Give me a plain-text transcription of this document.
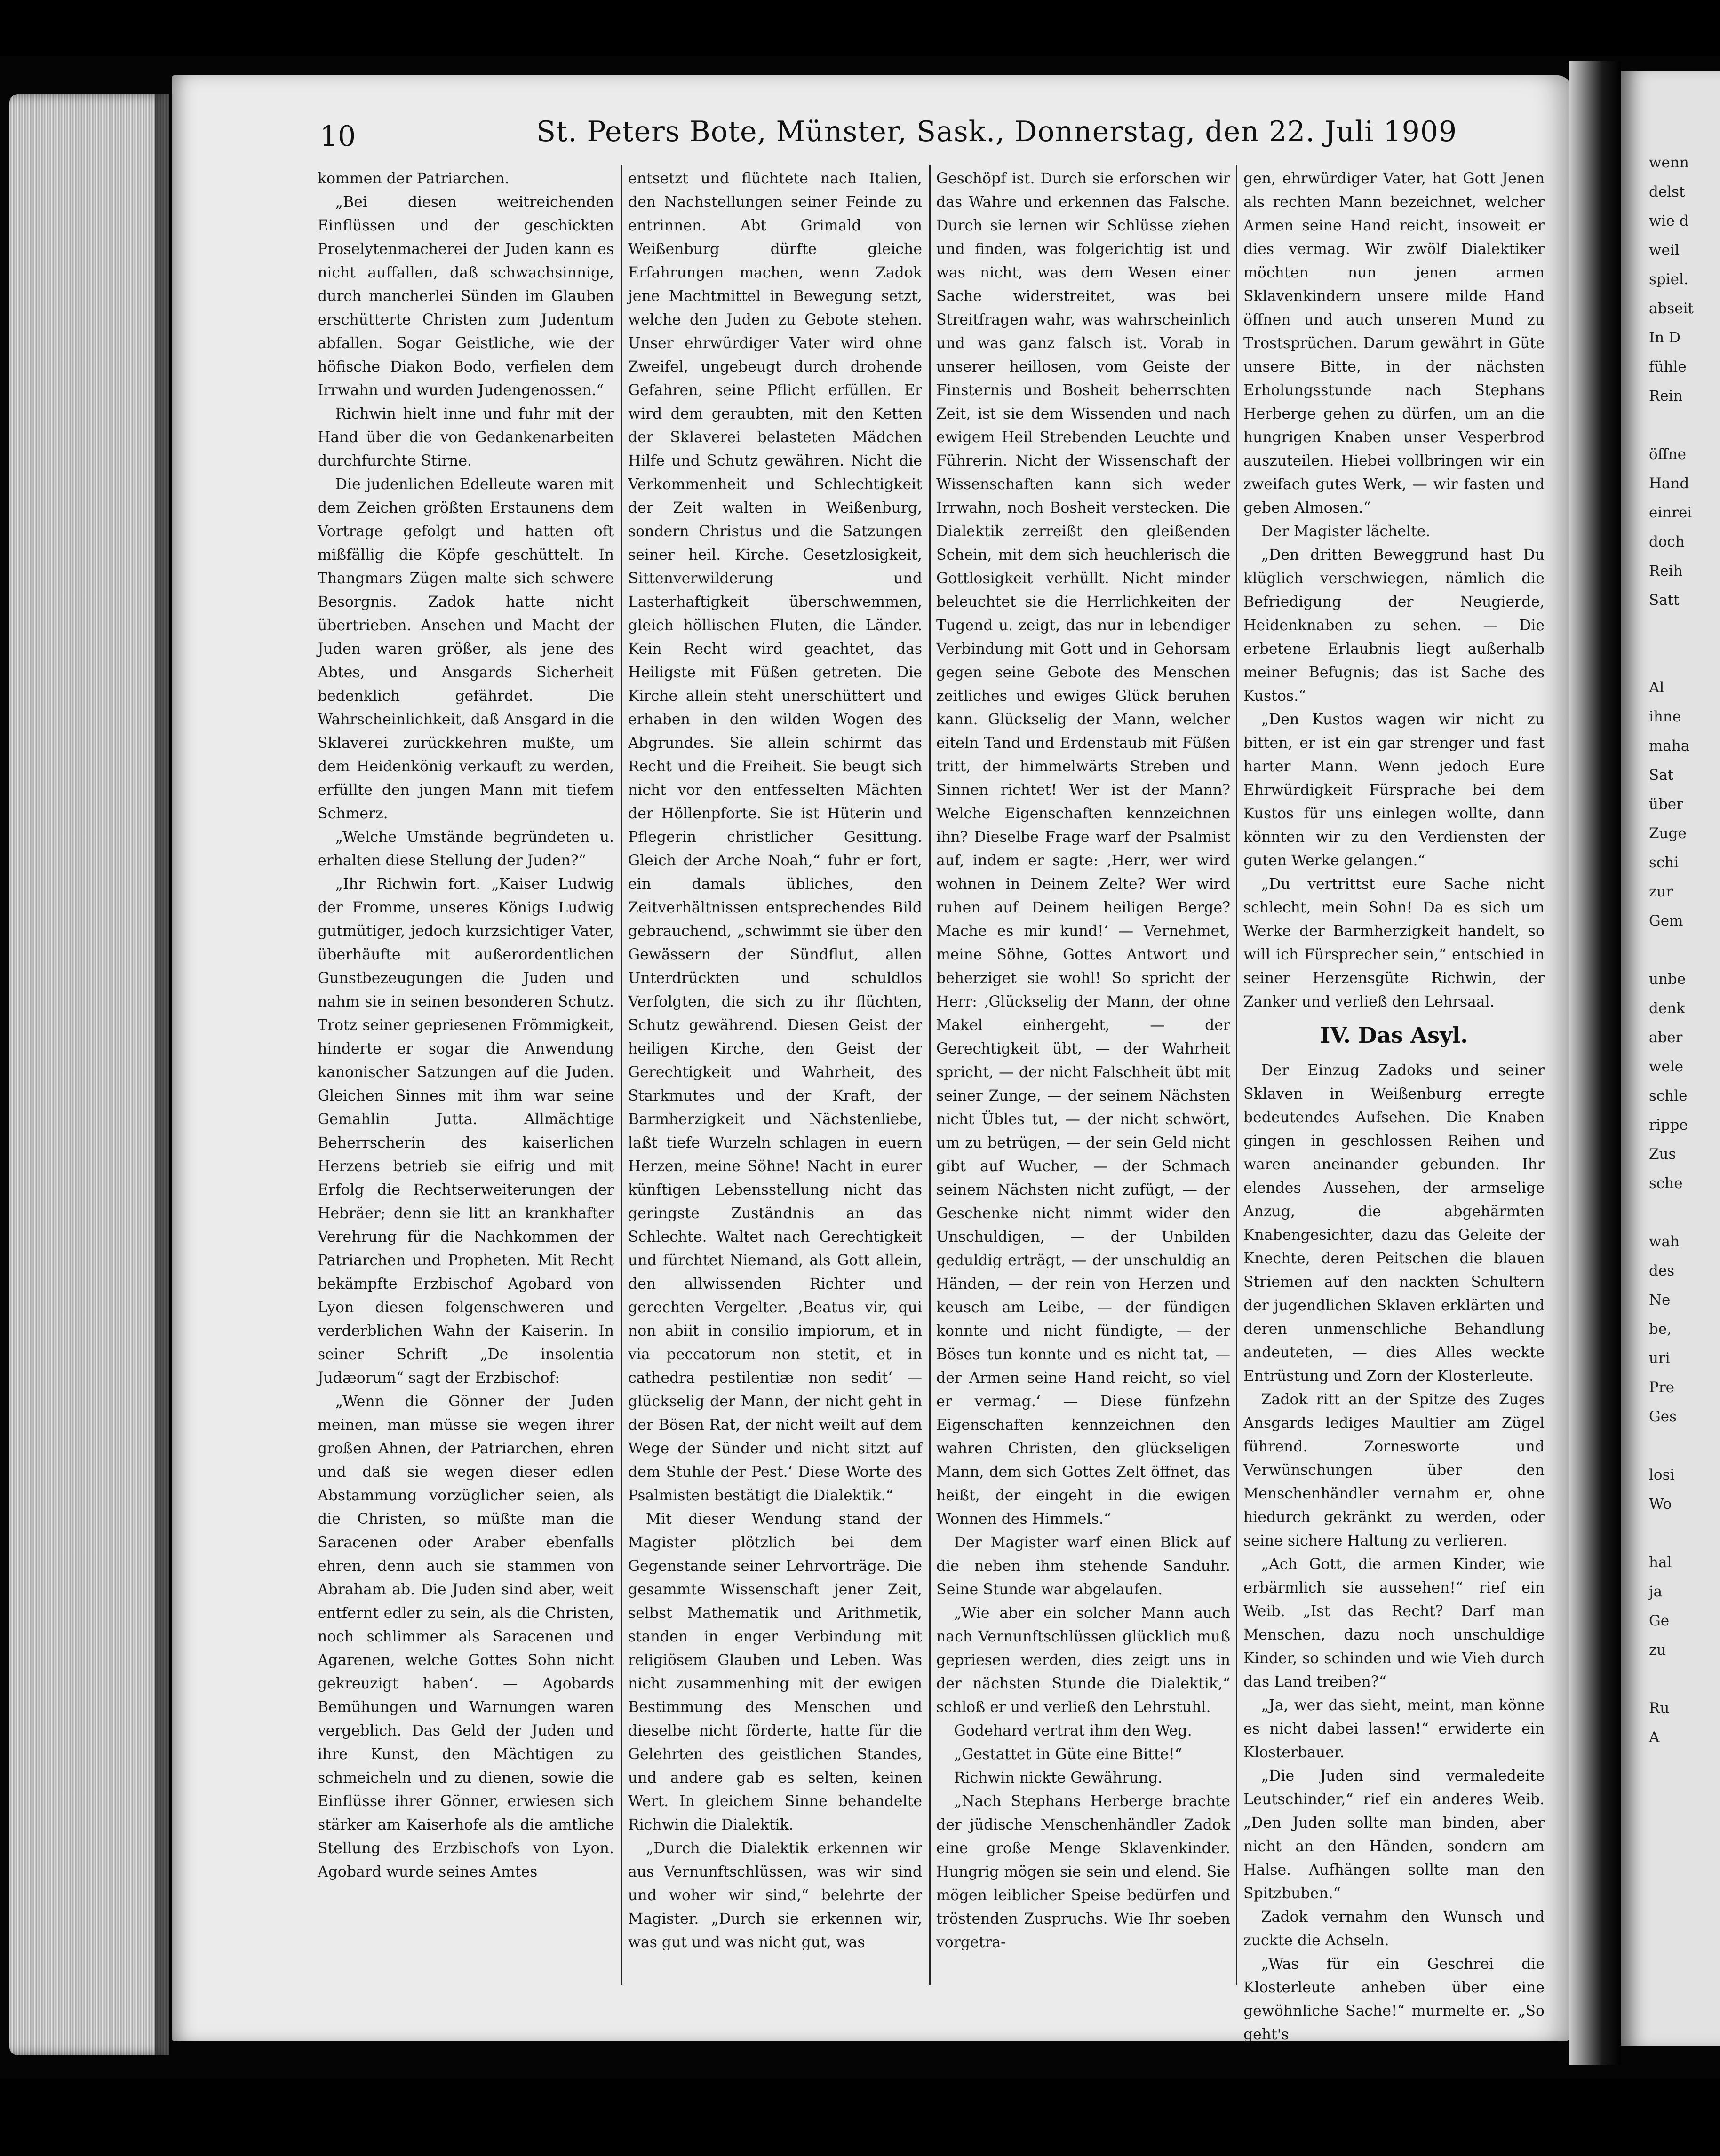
10	St. Peters Bote, Münster, Sask., Donnerstag, den 22. Juli 1909

kommen der Patriarchen.

„Bei diesen weitreichenden Einflüssen und der geschickten Proselytenmacherei der Juden kann es nicht auffallen, daß schwachsinnige, durch mancherlei Sünden im Glauben erschütterte Christen zum Judentum abfallen. Sogar Geistliche, wie der höfische Diakon Bodo, verfielen dem Irrwahn und wurden Judengenossen.“

Richwin hielt inne und fuhr mit der Hand über die von Gedankenarbeiten durchfurchte Stirne.

Die judenlichen Edelleute waren mit dem Zeichen größten Erstaunens dem Vortrage gefolgt und hatten oft mißfällig die Köpfe geschüttelt. In Thangmars Zügen malte sich schwere Besorgnis. Zadok hatte nicht übertrieben. Ansehen und Macht der Juden waren größer, als jene des Abtes, und Ansgards Sicherheit bedenklich gefährdet. Die Wahrscheinlichkeit, daß Ansgard in die Sklaverei zurückkehren mußte, um dem Heidenkönig verkauft zu werden, erfüllte den jungen Mann mit tiefem Schmerz.

„Welche Umstände begründeten u. erhalten diese Stellung der Juden?“

„Ihr Richwin fort. „Kaiser Ludwig der Fromme, unseres Königs Ludwig gutmütiger, jedoch kurzsichtiger Vater, überhäufte mit außerordentlichen Gunstbezeugungen die Juden und nahm sie in seinen besonderen Schutz. Trotz seiner gepriesenen Frömmigkeit, hinderte er sogar die Anwendung kanonischer Satzungen auf die Juden. Gleichen Sinnes mit ihm war seine Gemahlin Jutta. Allmächtige Beherrscherin des kaiserlichen Herzens betrieb sie eifrig und mit Erfolg die Rechtserweiterungen der Hebräer; denn sie litt an krankhafter Verehrung für die Nachkommen der Patriarchen und Propheten. Mit Recht bekämpfte Erzbischof Agobard von Lyon diesen folgenschweren und verderblichen Wahn der Kaiserin. In seiner Schrift „De insolentia Judæorum“ sagt der Erzbischof:

„Wenn die Gönner der Juden meinen, man müsse sie wegen ihrer großen Ahnen, der Patriarchen, ehren und daß sie wegen dieser edlen Abstammung vorzüglicher seien, als die Christen, so müßte man die Saracenen oder Araber ebenfalls ehren, denn auch sie stammen von Abraham ab. Die Juden sind aber, weit entfernt edler zu sein, als die Christen, noch schlimmer als Saracenen und Agarenen, welche Gottes Sohn nicht gekreuzigt haben‘. — Agobards Bemühungen und Warnungen waren vergeblich. Das Geld der Juden und ihre Kunst, den Mächtigen zu schmeicheln und zu dienen, sowie die Einflüsse ihrer Gönner, erwiesen sich stärker am Kaiserhofe als die amtliche Stellung des Erzbischofs von Lyon. Agobard wurde seines Amtes

entsetzt und flüchtete nach Italien, den Nachstellungen seiner Feinde zu entrinnen. Abt Grimald von Weißenburg dürfte gleiche Erfahrungen machen, wenn Zadok jene Machtmittel in Bewegung setzt, welche den Juden zu Gebote stehen. Unser ehrwürdiger Vater wird ohne Zweifel, ungebeugt durch drohende Gefahren, seine Pflicht erfüllen. Er wird dem geraubten, mit den Ketten der Sklaverei belasteten Mädchen Hilfe und Schutz gewähren. Nicht die Verkommenheit und Schlechtigkeit der Zeit walten in Weißenburg, sondern Christus und die Satzungen seiner heil. Kirche. Gesetzlosigkeit, Sittenverwilderung und Lasterhaftigkeit überschwemmen, gleich höllischen Fluten, die Länder. Kein Recht wird geachtet, das Heiligste mit Füßen getreten. Die Kirche allein steht unerschüttert und erhaben in den wilden Wogen des Abgrundes. Sie allein schirmt das Recht und die Freiheit. Sie beugt sich nicht vor den entfesselten Mächten der Höllenpforte. Sie ist Hüterin und Pflegerin christlicher Gesittung. Gleich der Arche Noah,“ fuhr er fort, ein damals übliches, den Zeitverhältnissen entsprechendes Bild gebrauchend, „schwimmt sie über den Gewässern der Sündflut, allen Unterdrückten und schuldlos Verfolgten, die sich zu ihr flüchten, Schutz gewährend. Diesen Geist der heiligen Kirche, den Geist der Gerechtigkeit und Wahrheit, des Starkmutes und der Kraft, der Barmherzigkeit und Nächstenliebe, laßt tiefe Wurzeln schlagen in euern Herzen, meine Söhne! Nacht in eurer künftigen Lebensstellung nicht das geringste Zuständnis an das Schlechte. Waltet nach Gerechtigkeit und fürchtet Niemand, als Gott allein, den allwissenden Richter und gerechten Vergelter. ‚Beatus vir, qui non abiit in consilio impiorum, et in via peccatorum non stetit, et in cathedra pestilentiæ non sedit‘ — glückselig der Mann, der nicht geht in der Bösen Rat, der nicht weilt auf dem Wege der Sünder und nicht sitzt auf dem Stuhle der Pest.‘ Diese Worte des Psalmisten bestätigt die Dialektik.“

Mit dieser Wendung stand der Magister plötzlich bei dem Gegenstande seiner Lehrvorträge. Die gesammte Wissenschaft jener Zeit, selbst Mathematik und Arithmetik, standen in enger Verbindung mit religiösem Glauben und Leben. Was nicht zusammenhing mit der ewigen Bestimmung des Menschen und dieselbe nicht förderte, hatte für die Gelehrten des geistlichen Standes, und andere gab es selten, keinen Wert. In gleichem Sinne behandelte Richwin die Dialektik.

„Durch die Dialektik erkennen wir aus Vernunftschlüssen, was wir sind und woher wir sind,“ belehrte der Magister. „Durch sie erkennen wir, was gut und was nicht gut, was

Geschöpf ist. Durch sie erforschen wir das Wahre und erkennen das Falsche. Durch sie lernen wir Schlüsse ziehen und finden, was folgerichtig ist und was nicht, was dem Wesen einer Sache widerstreitet, was bei Streitfragen wahr, was wahrscheinlich und was ganz falsch ist. Vorab in unserer heillosen, vom Geiste der Finsternis und Bosheit beherrschten Zeit, ist sie dem Wissenden und nach ewigem Heil Strebenden Leuchte und Führerin. Nicht der Wissenschaft der Wissenschaften kann sich weder Irrwahn, noch Bosheit verstecken. Die Dialektik zerreißt den gleißenden Schein, mit dem sich heuchlerisch die Gottlosigkeit verhüllt. Nicht minder beleuchtet sie die Herrlichkeiten der Tugend u. zeigt, das nur in lebendiger Verbindung mit Gott und in Gehorsam gegen seine Gebote des Menschen zeitliches und ewiges Glück beruhen kann. Glückselig der Mann, welcher eiteln Tand und Erdenstaub mit Füßen tritt, der himmelwärts Streben und Sinnen richtet! Wer ist der Mann? Welche Eigenschaften kennzeichnen ihn? Dieselbe Frage warf der Psalmist auf, indem er sagte: ‚Herr, wer wird wohnen in Deinem Zelte? Wer wird ruhen auf Deinem heiligen Berge? Mache es mir kund!‘ — Vernehmet, meine Söhne, Gottes Antwort und beherziget sie wohl! So spricht der Herr: ‚Glückselig der Mann, der ohne Makel einhergeht, — der Gerechtigkeit übt, — der Wahrheit spricht, — der nicht Falschheit übt mit seiner Zunge, — der seinem Nächsten nicht Übles tut, — der nicht schwört, um zu betrügen, — der sein Geld nicht gibt auf Wucher, — der Schmach seinem Nächsten nicht zufügt, — der Geschenke nicht nimmt wider den Unschuldigen, — der Unbilden geduldig erträgt, — der unschuldig an Händen, — der rein von Herzen und keusch am Leibe, — der fündigen konnte und nicht fündigte, — der Böses tun konnte und es nicht tat, — der Armen seine Hand reicht, so viel er vermag.‘ — Diese fünfzehn Eigenschaften kennzeichnen den wahren Christen, den glückseligen Mann, dem sich Gottes Zelt öffnet, das heißt, der eingeht in die ewigen Wonnen des Himmels.“

Der Magister warf einen Blick auf die neben ihm stehende Sanduhr. Seine Stunde war abgelaufen.

„Wie aber ein solcher Mann auch nach Vernunftschlüssen glücklich muß gepriesen werden, dies zeigt uns in der nächsten Stunde die Dialektik,“ schloß er und verließ den Lehrstuhl.

Godehard vertrat ihm den Weg.

„Gestattet in Güte eine Bitte!“

Richwin nickte Gewährung.

„Nach Stephans Herberge brachte der jüdische Menschenhändler Zadok eine große Menge Sklavenkinder. Hungrig mögen sie sein und elend. Sie mögen leiblicher Speise bedürfen und tröstenden Zuspruchs. Wie Ihr soeben vorgetra-

gen, ehrwürdiger Vater, hat Gott Jenen als rechten Mann bezeichnet, welcher Armen seine Hand reicht, insoweit er dies vermag. Wir zwölf Dialektiker möchten nun jenen armen Sklavenkindern unsere milde Hand öffnen und auch unseren Mund zu Trostsprüchen. Darum gewährt in Güte unsere Bitte, in der nächsten Erholungsstunde nach Stephans Herberge gehen zu dürfen, um an die hungrigen Knaben unser Vesperbrod auszuteilen. Hiebei vollbringen wir ein zweifach gutes Werk, — wir fasten und geben Almosen.“

Der Magister lächelte.

„Den dritten Beweggrund hast Du klüglich verschwiegen, nämlich die Befriedigung der Neugierde, Heidenknaben zu sehen. — Die erbetene Erlaubnis liegt außerhalb meiner Befugnis; das ist Sache des Kustos.“

„Den Kustos wagen wir nicht zu bitten, er ist ein gar strenger und fast harter Mann. Wenn jedoch Eure Ehrwürdigkeit Fürsprache bei dem Kustos für uns einlegen wollte, dann könnten wir zu den Verdiensten der guten Werke gelangen.“

„Du vertrittst eure Sache nicht schlecht, mein Sohn! Da es sich um Werke der Barmherzigkeit handelt, so will ich Fürsprecher sein,“ entschied in seiner Herzensgüte Richwin, der Zanker und verließ den Lehrsaal.

IV. Das Asyl.

Der Einzug Zadoks und seiner Sklaven in Weißenburg erregte bedeutendes Aufsehen. Die Knaben gingen in geschlossen Reihen und waren aneinander gebunden. Ihr elendes Aussehen, der armselige Anzug, die abgehärmten Knabengesichter, dazu das Geleite der Knechte, deren Peitschen die blauen Striemen auf den nackten Schultern der jugendlichen Sklaven erklärten und deren unmenschliche Behandlung andeuteten, — dies Alles weckte Entrüstung und Zorn der Klosterleute.

Zadok ritt an der Spitze des Zuges Ansgards lediges Maultier am Zügel führend. Zornesworte und Verwünschungen über den Menschenhändler vernahm er, ohne hiedurch gekränkt zu werden, oder seine sichere Haltung zu verlieren.

„Ach Gott, die armen Kinder, wie erbärmlich sie aussehen!“ rief ein Weib. „Ist das Recht? Darf man Menschen, dazu noch unschuldige Kinder, so schinden und wie Vieh durch das Land treiben?“

„Ja, wer das sieht, meint, man könne es nicht dabei lassen!“ erwiderte ein Klosterbauer.

„Die Juden sind vermaledeite Leutschinder,“ rief ein anderes Weib. „Den Juden sollte man binden, aber nicht an den Händen, sondern am Halse. Aufhängen sollte man den Spitzbuben.“

Zadok vernahm den Wunsch und zuckte die Achseln.

„Was für ein Geschrei die Klosterleute anheben über eine gewöhnliche Sache!“ murmelte er. „So geht's

wenn
delst
wie d
weil
spiel.
abseit
In D
fühle
Rein

öffne
Hand
einrei
doch
Reih
Satt

Al
ihne
maha
Sat
über
Zuge
schi
zur
Gem

unbe
denk
aber
wele
schle
rippe
Zus
sche

wah
des
Ne
be,
uri
Pre
Ges

losi
Wo

hal
ja
Ge
zu

Ru
A
